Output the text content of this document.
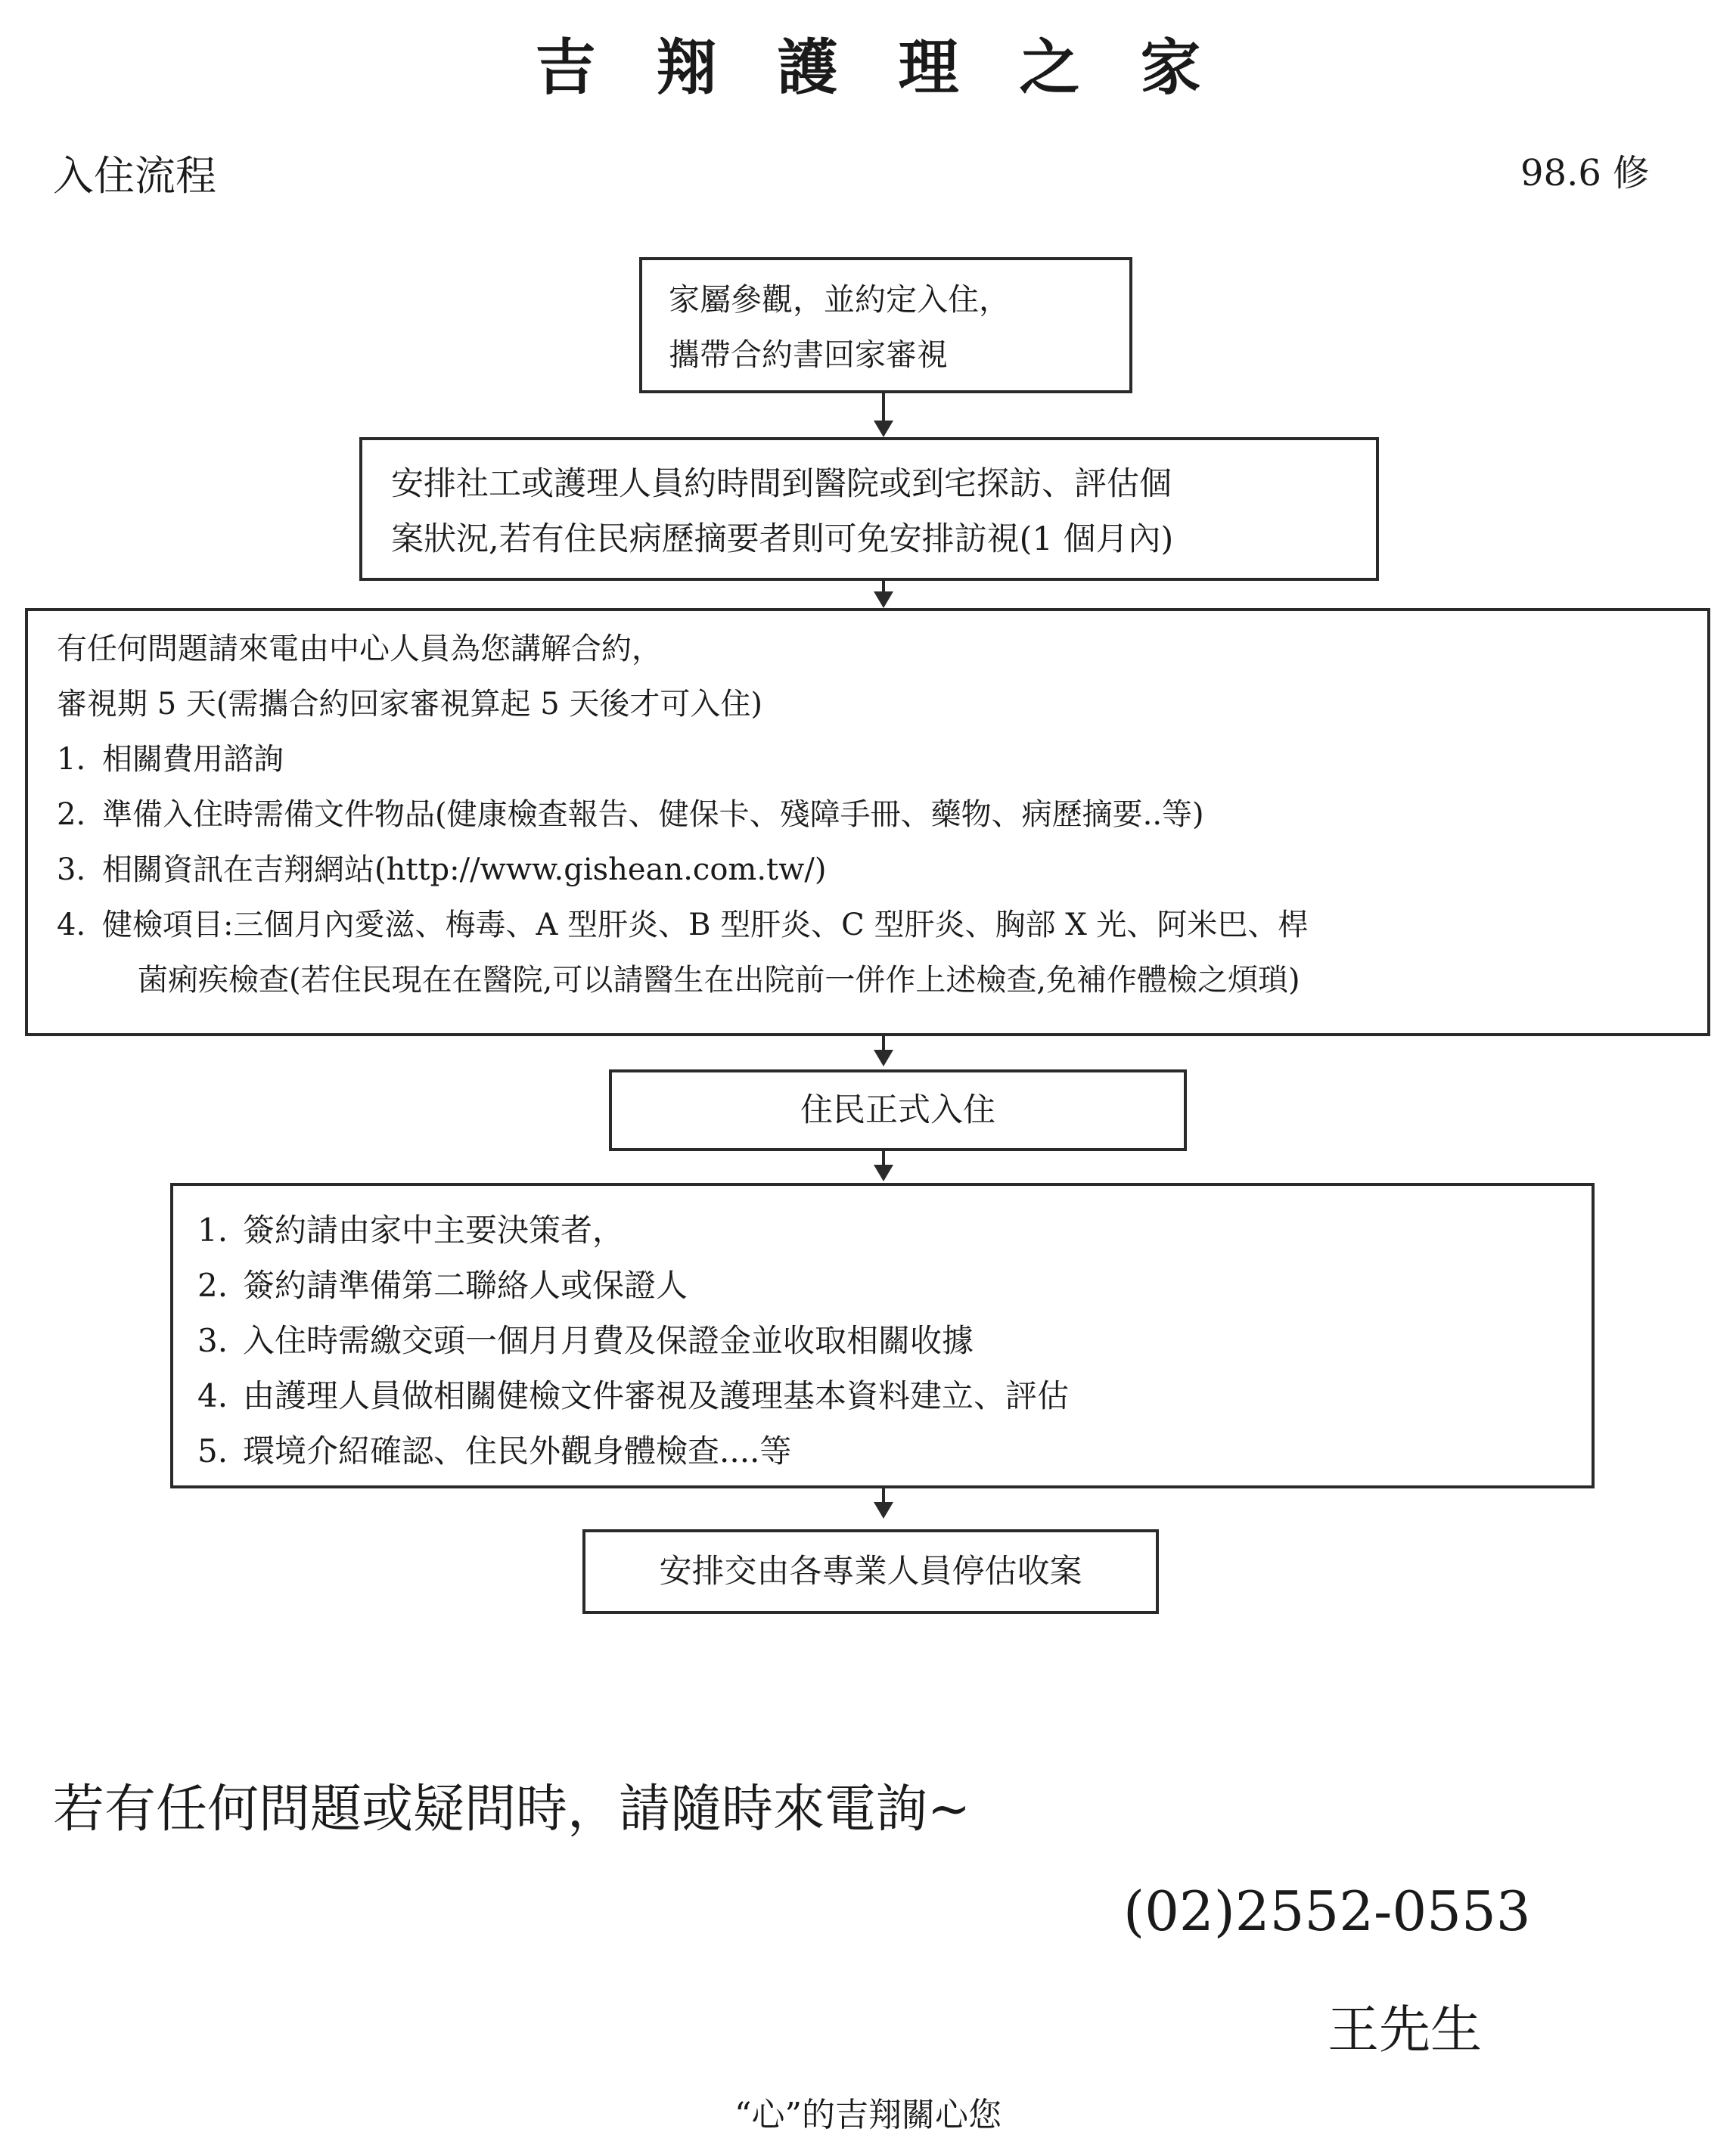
吉翔護理之家
入住流程	98.6 修
家屬參觀，並約定入住，
攜帶合約書回家審視
安排社工或護理人員約時間到醫院或到宅探訪、評估個
案狀況,若有住民病歷摘要者則可免安排訪視(1 個月內)
有任何問題請來電由中心人員為您講解合約，
審視期 5 天(需攜合約回家審視算起 5 天後才可入住)
1. 相關費用諮詢
2. 準備入住時需備文件物品(健康檢查報告、健保卡、殘障手冊、藥物、病歷摘要..等)
3. 相關資訊在吉翔網站(http://www.gishean.com.tw/)
4. 健檢項目:三個月內愛滋、梅毒、A 型肝炎、B 型肝炎、C 型肝炎、胸部 X 光、阿米巴、桿
菌痢疾檢查(若住民現在在醫院,可以請醫生在出院前一併作上述檢查,免補作體檢之煩瑣)
住民正式入住
1. 簽約請由家中主要決策者，
2. 簽約請準備第二聯絡人或保證人
3. 入住時需繳交頭一個月月費及保證金並收取相關收據
4. 由護理人員做相關健檢文件審視及護理基本資料建立、評估
5. 環境介紹確認、住民外觀身體檢查....等
安排交由各專業人員停估收案
若有任何問題或疑問時，請隨時來電詢~
(02)2552-0553
王先生
“心”的吉翔關心您
